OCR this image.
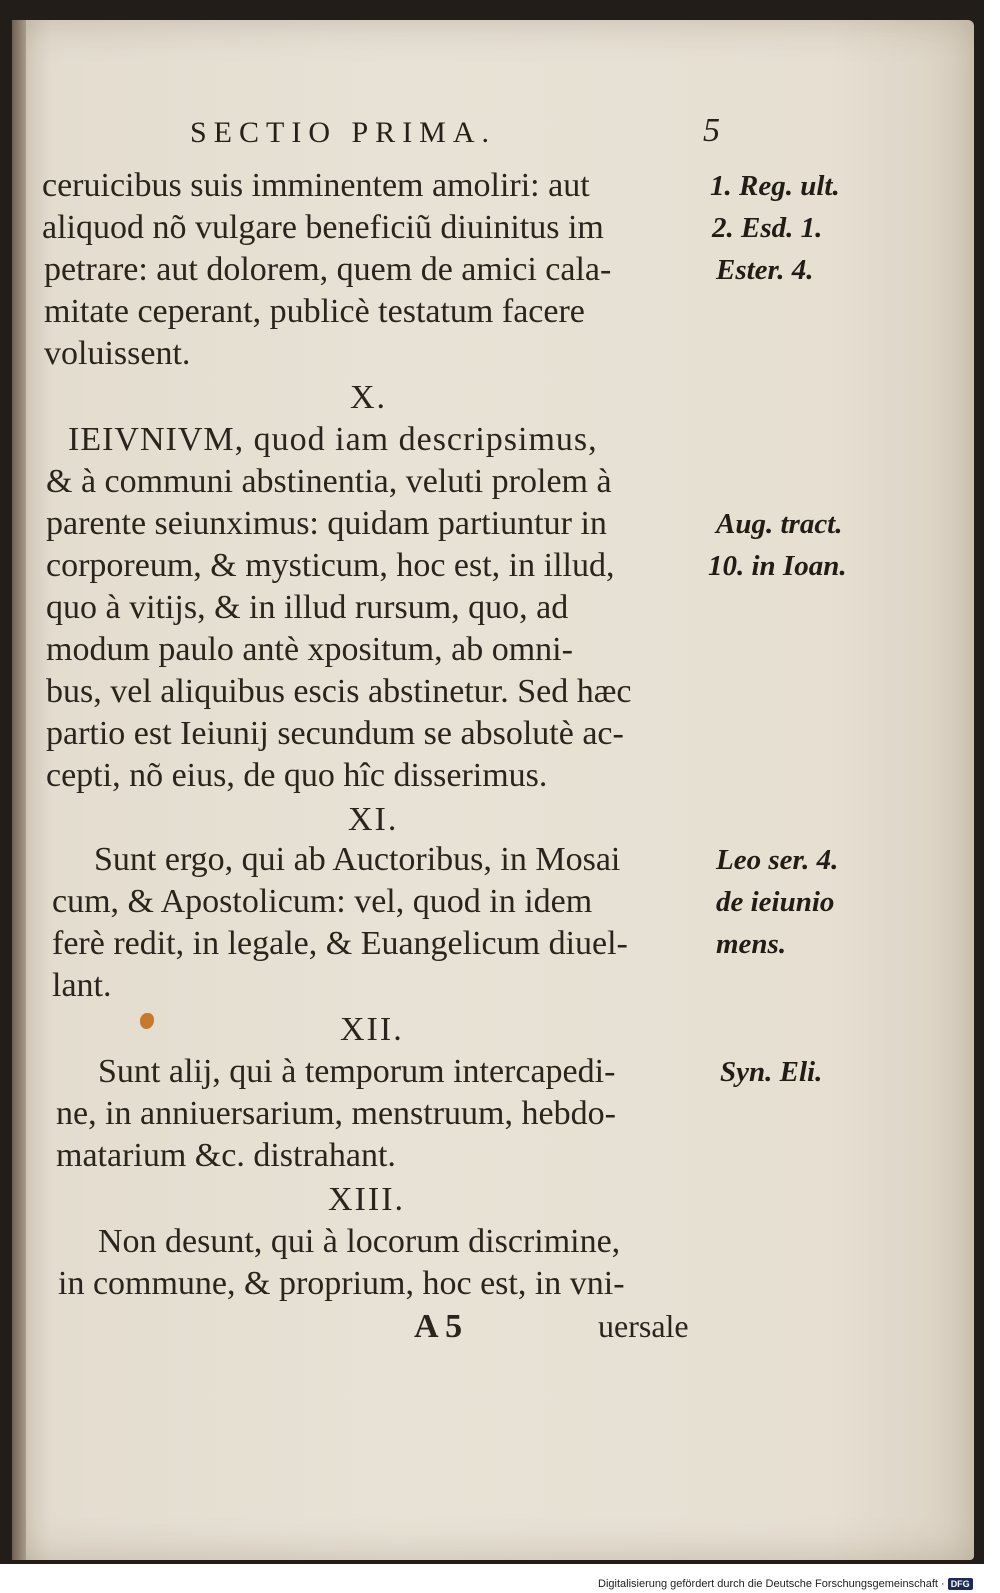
SECTIO PRIMA.	5
ceruicibus suis imminentem amoliri: aut
aliquod nõ vulgare beneficiũ diuinitus im
petrare: aut dolorem, quem de amici cala-
mitate ceperant, publicè testatum facere
voluissent.
X.
IEIVNIVM, quod iam descripsimus,
& à communi abstinentia, veluti prolem à
parente seiunximus: quidam partiuntur in
corporeum, & mysticum, hoc est, in illud,
quo à vitijs, & in illud rursum, quo, ad
modum paulo antè xpositum, ab omni-
bus, vel aliquibus escis abstinetur. Sed hæc
partio est Ieiunij secundum se absolutè ac-
cepti, nõ eius, de quo hîc disserimus.
XI.
Sunt ergo, qui ab Auctoribus, in Mosai
cum, & Apostolicum: vel, quod in idem
ferè redit, in legale, & Euangelicum diuel-
lant.
XII.
Sunt alij, qui à temporum intercapedi-
ne, in anniuersarium, menstruum, hebdo-
matarium &c. distrahant.
XIII.
Non desunt, qui à locorum discrimine,
in commune, & proprium, hoc est, in vni-
A 5	uersale
1. Reg. ult.
2. Esd. 1.
Ester. 4.
Aug. tract.
10. in Ioan.
Leo ser. 4.
de ieiunio
mens.
Syn. Eli.
Digitalisierung gefördert durch die Deutsche Forschungsgemeinschaft · DFG
